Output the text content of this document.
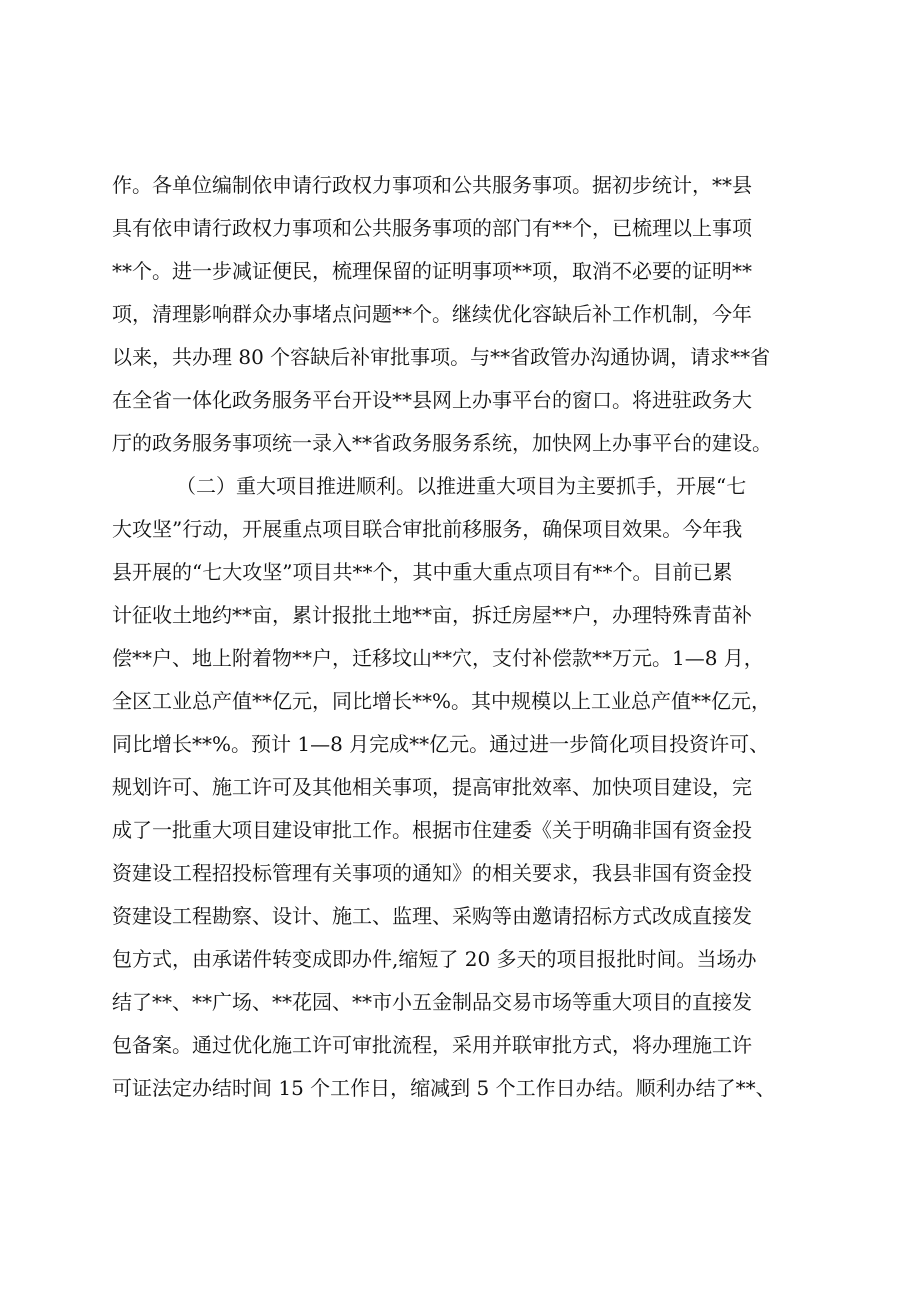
作。各单位编制依申请行政权力事项和公共服务事项。据初步统计，**县
具有依申请行政权力事项和公共服务事项的部门有**个，已梳理以上事项
**个。进一步减证便民，梳理保留的证明事项**项，取消不必要的证明**
项，清理影响群众办事堵点问题**个。继续优化容缺后补工作机制，今年
以来，共办理 80 个容缺后补审批事项。与**省政管办沟通协调，请求**省
在全省一体化政务服务平台开设**县网上办事平台的窗口。将进驻政务大
厅的政务服务事项统一录入**省政务服务系统，加快网上办事平台的建设。
（二）重大项目推进顺利。以推进重大项目为主要抓手，开展“七
大攻坚”行动，开展重点项目联合审批前移服务，确保项目效果。今年我
县开展的“七大攻坚”项目共**个，其中重大重点项目有**个。目前已累
计征收土地约**亩，累计报批土地**亩，拆迁房屋**户，办理特殊青苗补
偿**户、地上附着物**户，迁移坟山**穴，支付补偿款**万元。1—8 月，
全区工业总产值**亿元，同比增长**%。其中规模以上工业总产值**亿元，
同比增长**%。预计 1—8 月完成**亿元。通过进一步简化项目投资许可、
规划许可、施工许可及其他相关事项，提高审批效率、加快项目建设，完
成了一批重大项目建设审批工作。根据市住建委《关于明确非国有资金投
资建设工程招投标管理有关事项的通知》的相关要求，我县非国有资金投
资建设工程勘察、设计、施工、监理、采购等由邀请招标方式改成直接发
包方式，由承诺件转变成即办件,缩短了 20 多天的项目报批时间。当场办
结了**、**广场、**花园、**市小五金制品交易市场等重大项目的直接发
包备案。通过优化施工许可审批流程，采用并联审批方式，将办理施工许
可证法定办结时间 15 个工作日，缩减到 5 个工作日办结。顺利办结了**、
